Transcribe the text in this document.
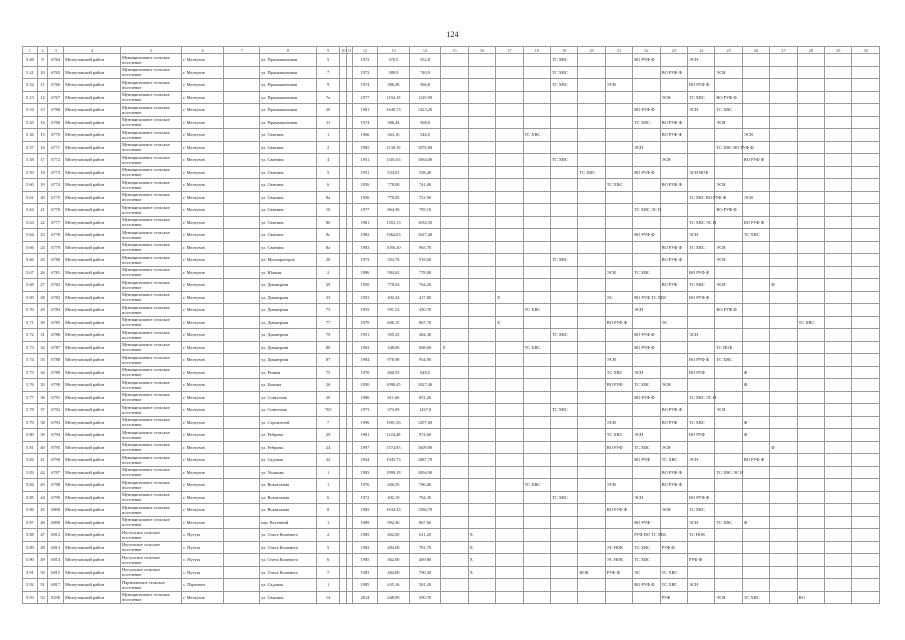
124
1	2	3	4	5	6	7	8	9	10	11	12	13	14	15	16	17	18	19	20	21	22	23	24	25	26	27	28	29	30
5.68	9	6764	Мелеузовский район	Муниципальное сельское поселение	г. Мелеузов		ул. Промышленная	5			1972	378,5	552,8					ТС ХВС			ВО РУФ Ф		ЭСН						
5.41	10	6765	Мелеузовский район	Муниципальное сельское поселение	г. Мелеузов		ул. Промышленная	7			1972	388,9	740,9					ТС ХВС				ВО РУФ Ф		ЭСН					
5.52	11	6766	Мелеузовский район	Муниципальное сельское поселение	г. Мелеузов		ул. Промышленная	9			1974	386,48	566,8					ТС ХВС		ЭСН			ВО РУФ Ф						
5.13	12	6767	Мелеузовский район	Муниципальное сельское поселение	г. Мелеузов		ул. Промышленная	7а			1977	1194,19	1125,90									ЭСН	ТС ХВС	ВО РУФ Ф					
5.54	13	6768	Мелеузовский район	Муниципальное сельское поселение	г. Мелеузов		ул. Промышленная	20			1981	1640,73	1423,20								ВО РУФ Ф		ЭСН	ТС ХВС					
5.45	14	6769	Мелеузовский район	Муниципальное сельское поселение	г. Мелеузов		ул. Промышленная	11			1974	386,44	568,0								ТС ХВС	ВО РУФ Ф		ЭСН					
5.36	15	6770	Мелеузовский район	Муниципальное сельское поселение	г. Мелеузов		ул. Свитина	1			1966	363,16	546,0				ТС ХВС					ВО РУФ Ф			ЭСН				
5.57	16	6771	Мелеузовский район	Муниципальное сельское поселение	г. Мелеузов		ул. Свитина	2			1985	1130,19	1076,00								ЭСН			ТС ХВС ВО РУФ Ф					
5.58	17	6772	Мелеузовский район	Муниципальное сельское поселение	г. Мелеузов		ул. Свитина	4			1951	1301,63	1064,00					ТС ХВС				ЭСН			ВО РУФ Ф				
5.59	18	6773	Мелеузовский район	Муниципальное сельское поселение	г. Мелеузов		ул. Свитина	5			1951	534,91	558,40						ТС ХВС		ВО РУФ Ф		ЭСН НОК						
5.60	19	6774	Мелеузовский район	Муниципальное сельское поселение	г. Мелеузов		ул. Свитина	6			1956	778,00	741,00							ТС ХВС		ВО РУФ Ф		ЭСН					
5.61	20	6775	Мелеузовский район	Муниципальное сельское поселение	г. Мелеузов		ул. Свитина	8а			1956	770,05	721,90										ТС ХВС ВО РУФ Ф		ЭСН				
5.62	21	6776	Мелеузовский район	Муниципальное сельское поселение	г. Мелеузов		ул. Свитина	10			1977	864,39	795,10								ТС ХВС ЭС Н			ВО РУФ Ф					
5.63	22	6777	Мелеузовский район	Муниципальное сельское поселение	г. Мелеузов		ул. Свитина	8б			1981	1353,13	1034,50										ТС ХВС ЭС Н		ВО РУФ Ф				
5.64	23	6778	Мелеузовский район	Муниципальное сельское поселение	г. Мелеузов		ул. Свитина	8г			1982	1064,63	1027,40								ВО РУФ Ф		ЭСН		ТС ХВС				
5.66	24	6779	Мелеузовский район	Муниципальное сельское поселение	г. Мелеузов		ул. Свитина	8а			1983	1056,30	965,70									ВО РУФ Ф	ТС ХВС	ЭСН					
5.66	25	6780	Мелеузовский район	Муниципальное сельское поселение	г. Мелеузов		ул. Мелиораторов	20			1973	554,78	519,50					ТС ХВС				ВО РУФ Ф		ЭСН					
5.67	26	6781	Мелеузовский район	Муниципальное сельское поселение	г. Мелеузов		ул. Южная	2			1986	584,65	778,80							ЭСН	ТС ХВС		ВО РУФ Ф						
5.68	27	6782	Мелеузовский район	Муниципальное сельское поселение	г. Мелеузов		ул. Димитрова	29			1950	778,63	764,20									ВО РУФ	ТС ХВС	ЭСН		Ф			
5.69	28	6783	Мелеузовский район	Муниципальное сельское поселение	г. Мелеузов		ул. Димитрова	33			1953	402,34	417,80			Х				ЭС	ВО РУФ ТС ХВС		ВО РУФ Ф						
5.70	29	6784	Мелеузовский район	Муниципальное сельское поселение	г. Мелеузов		ул. Димитрова	75			1955	591,53	450,70				ТС ХВС				ЭСН			ВО РУФ Ф					
5.71	30	6785	Мелеузовский район	Муниципальное сельское поселение	г. Мелеузов		ул. Димитрова	77			1970	606,15	867,70			Х				ВО РУФ Ф		ЭС					ТС ХВС		
5.72	31	6786	Мелеузовский район	Муниципальное сельское поселение	г. Мелеузов		ул. Димитрова	79			1951	395,25	484,30					ТС ХВС			ВО РУФ Ф		ЭСН						
5.73	32	6787	Мелеузовский район	Муниципальное сельское поселение	г. Мелеузов		ул. Димитрова	80			1963	348,06	668,60	Х			ТС ХВС				ВО РУФ Ф			ТС НОК					
5.74	33	6788	Мелеузовский район	Муниципальное сельское поселение	г. Мелеузов		ул. Димитрова	87			1984	978,98	954,90							ЭСН			ВО РУФ Ф	ТС ХВС					
5.75	34	6789	Мелеузовский район	Муниципальное сельское поселение	г. Мелеузов		ул. Речная	75			1970	460,55	648,5							ТС ХВС	ЭСН		ВО РУФ		Ф				
5.76	35	6790	Мелеузовский район	Муниципальное сельское поселение	г. Мелеузов		ул. Бажова	26			1950	1090,45	1027,40							ВО РУФ	ТС ХВС	ЭСН			Ф				
5.77	36	6791	Мелеузовский район	Муниципальное сельское поселение	г. Мелеузов		ул. Советская	20			1986	611,66	851,20								ВО РУФ Ф		ТС ХВС ЭС Н						
5.78	37	6792	Мелеузовский район	Муниципальное сельское поселение	г. Мелеузов		ул. Советская	765			1973	373,09	1437,0					ТС ХВС				ВО РУФ Ф		ЭСН					
5.79	38	6793	Мелеузовский район	Муниципальное сельское поселение	г. Мелеузов		ул. Строителей	7			1996	1901,56	1297,00							ЭСН		ВО РУФ	ТС ХВС		Ф				
5.80	39	6794	Мелеузовский район	Муниципальное сельское поселение	г. Мелеузов		ул. Ребрина	29			1981	1124,48	974,60							ТС ХВС	ЭСН		ВО РУФ		Ф				
5.81	40	6795	Мелеузовский район	Муниципальное сельское поселение	г. Мелеузов		ул. Ребрина	24			1997	1574,83	1609,90							ВО РУФ	ТС ХВС	ЭСН				Ф			
5.82	41	6796	Мелеузовский район	Муниципальное сельское поселение	г. Мелеузов		ул. Садовая	32			1954	1045,73	1087,70								ВО РУФ	ТС ХВС	ЭСН		ВО РУФ Ф				
5.83	42	6797	Мелеузовский район	Муниципальное сельское поселение	г. Мелеузов		ул. Ушакова	1			1983	1999,18	1004,90									ВО РУФ Ф		ТС ХВС ЭС Н					
5.84	43	6798	Мелеузовский район	Муниципальное сельское поселение	г. Мелеузов		ул. Вокзальная	1			1976	406,55	786,00				ТС ХВС			ЭСН		ВО РУФ Ф							
5.85	44	6799	Мелеузовский район	Муниципальное сельское поселение	г. Мелеузов		ул. Вокзальная	6			1972	402,19	784,30					ТС ХВС			ЭСН		ВО РУФ Ф						
5.86	45	6800	Мелеузовский район	Муниципальное сельское поселение	г. Мелеузов		ул. Вокзальная	8			1985	1634,35	1586,70							ВО РУФ Ф		ЭСН	ТС ХВС						
5.87	46	6809	Мелеузовский район	Муниципальное сельское поселение	г. Мелеузов		пер. Весенний	1			1989	992,36	867,60								ВО РУФ		ЭСН	ТС ХВС	Ф				
5.88	47	6812	Мелеузовский район	Нугушское сельское поселение	с. Нугуш		ул. Олега Кошевого	2			1985	462,00	611,20		Х						РУФ ВО ТС ХВС		ТС НОК						
5.89	48	6813	Мелеузовский район	Нугушское сельское поселение	с. Нугуш		ул. Олега Кошевого	5			1983	484,00	781,70		Х					ЭС НОК	ТС ХВС	РУФ Ф							
5.90	49	6814	Мелеузовский район	Нугушское сельское поселение	с. Нугуш		ул. Олега Кошевого	6			1985	462,00	469,80		Х					ЭС НОК	ТС ХВС		РУФ Ф						
5.91	50	6815	Мелеузовский район	Нугушское сельское поселение	с. Нугуш		ул. Олега Кошевого	7			1983	484,00	790,30		Х				НОК	РУФ Ф	ЭС	ТС ХВС							
5.92	51	6817	Мелеузовский район	Партизанское сельское поселение	с. Партизан		ул. Садовая	1			1985	635,16	561,20								ВО РУФ Ф	ТС ХВС	ЭСН						
5.93	52	8236	Мелеузовский район	Муниципальное сельское поселение	г. Мелеузов		ул. Свитина	14			2014	648,09	590,70									РУФ		ЭСН	ТС ХВС		ВО		
